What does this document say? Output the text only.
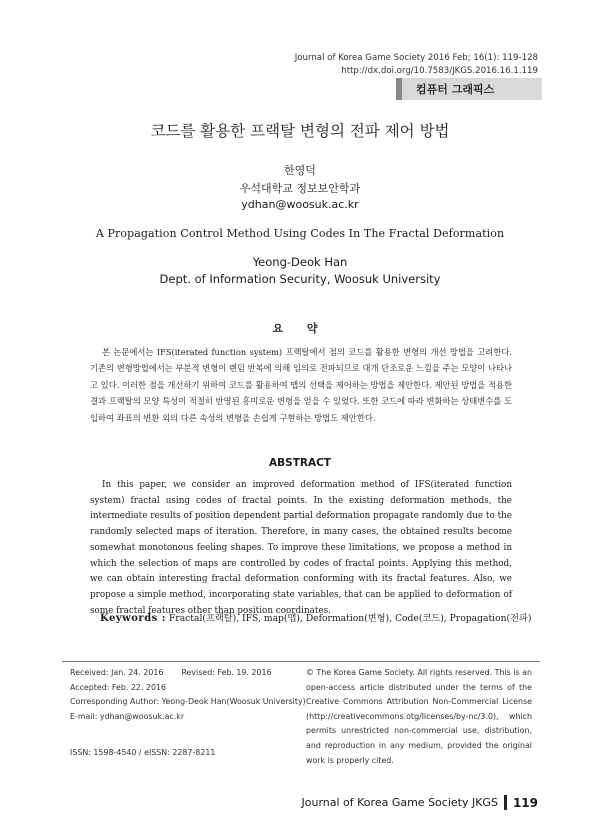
Journal of Korea Game Society 2016 Feb; 16(1): 119-128
http://dx.doi.org/10.7583/JKGS.2016.16.1.119
컴퓨터 그래픽스
코드를 활용한 프랙탈 변형의 전파 제어 방법
한영덕
우석대학교 정보보안학과
ydhan@woosuk.ac.kr
A Propagation Control Method Using Codes In The Fractal Deformation
Yeong-Deok Han
Dept. of Information Security, Woosuk University
요 약
본 논문에서는 IFS(iterated function system) 프랙탈에서 점의 코드를 활용한 변형의 개선 방법을 고려한다. 기존의 변형방법에서는 부분적 변형이 랜덤 반복에 의해 임의로 전파되므로 대개 단조로운 느낌을 주는 모양이 나타나고 있다. 이러한 점을 개선하기 위하여 코드를 활용하여 맵의 선택을 제어하는 방법을 제안한다. 제안된 방법을 적용한 결과 프랙탈의 모양 특성이 적절히 반영된 흥미로운 변형을 얻을 수 있었다. 또한 코드에 따라 변화하는 상태변수를 도입하여 좌표의 변환 외의 다른 속성의 변형을 손쉽게 구현하는 방법도 제안한다.
ABSTRACT
In this paper, we consider an improved deformation method of IFS(iterated function system) fractal using codes of fractal points. In the existing deformation methods, the intermediate results of position dependent partial deformation propagate randomly due to the randomly selected maps of iteration. Therefore, in many cases, the obtained results become somewhat monotonous feeling shapes. To improve these limitations, we propose a method in which the selection of maps are controlled by codes of fractal points. Applying this method, we can obtain interesting fractal deformation conforming with its fractal features. Also, we propose a simple method, incorporating state variables, that can be applied to deformation of some fractal features other than position coordinates.
Keywords : Fractal(프랙탈), IFS, map(맵), Deformation(변형), Code(코드), Propagation(전파)
Received: Jan. 24. 2016 Revised: Feb. 19. 2016
Accepted: Feb. 22. 2016
Corresponding Author: Yeong-Deok Han(Woosuk University)
E-mail: ydhan@woosuk.ac.kr
ISSN: 1598-4540 / eISSN: 2287-8211
© The Korea Game Society. All rights reserved. This is an open-access article distributed under the terms of the Creative Commons Attribution Non-Commercial License (http://creativecommons.otg/licenses/by-nc/3.0), which permits unrestricted non-commercial use, distribution, and reproduction in any medium, provided the original work is properly cited.
Journal of Korea Game Society JKGS 119
